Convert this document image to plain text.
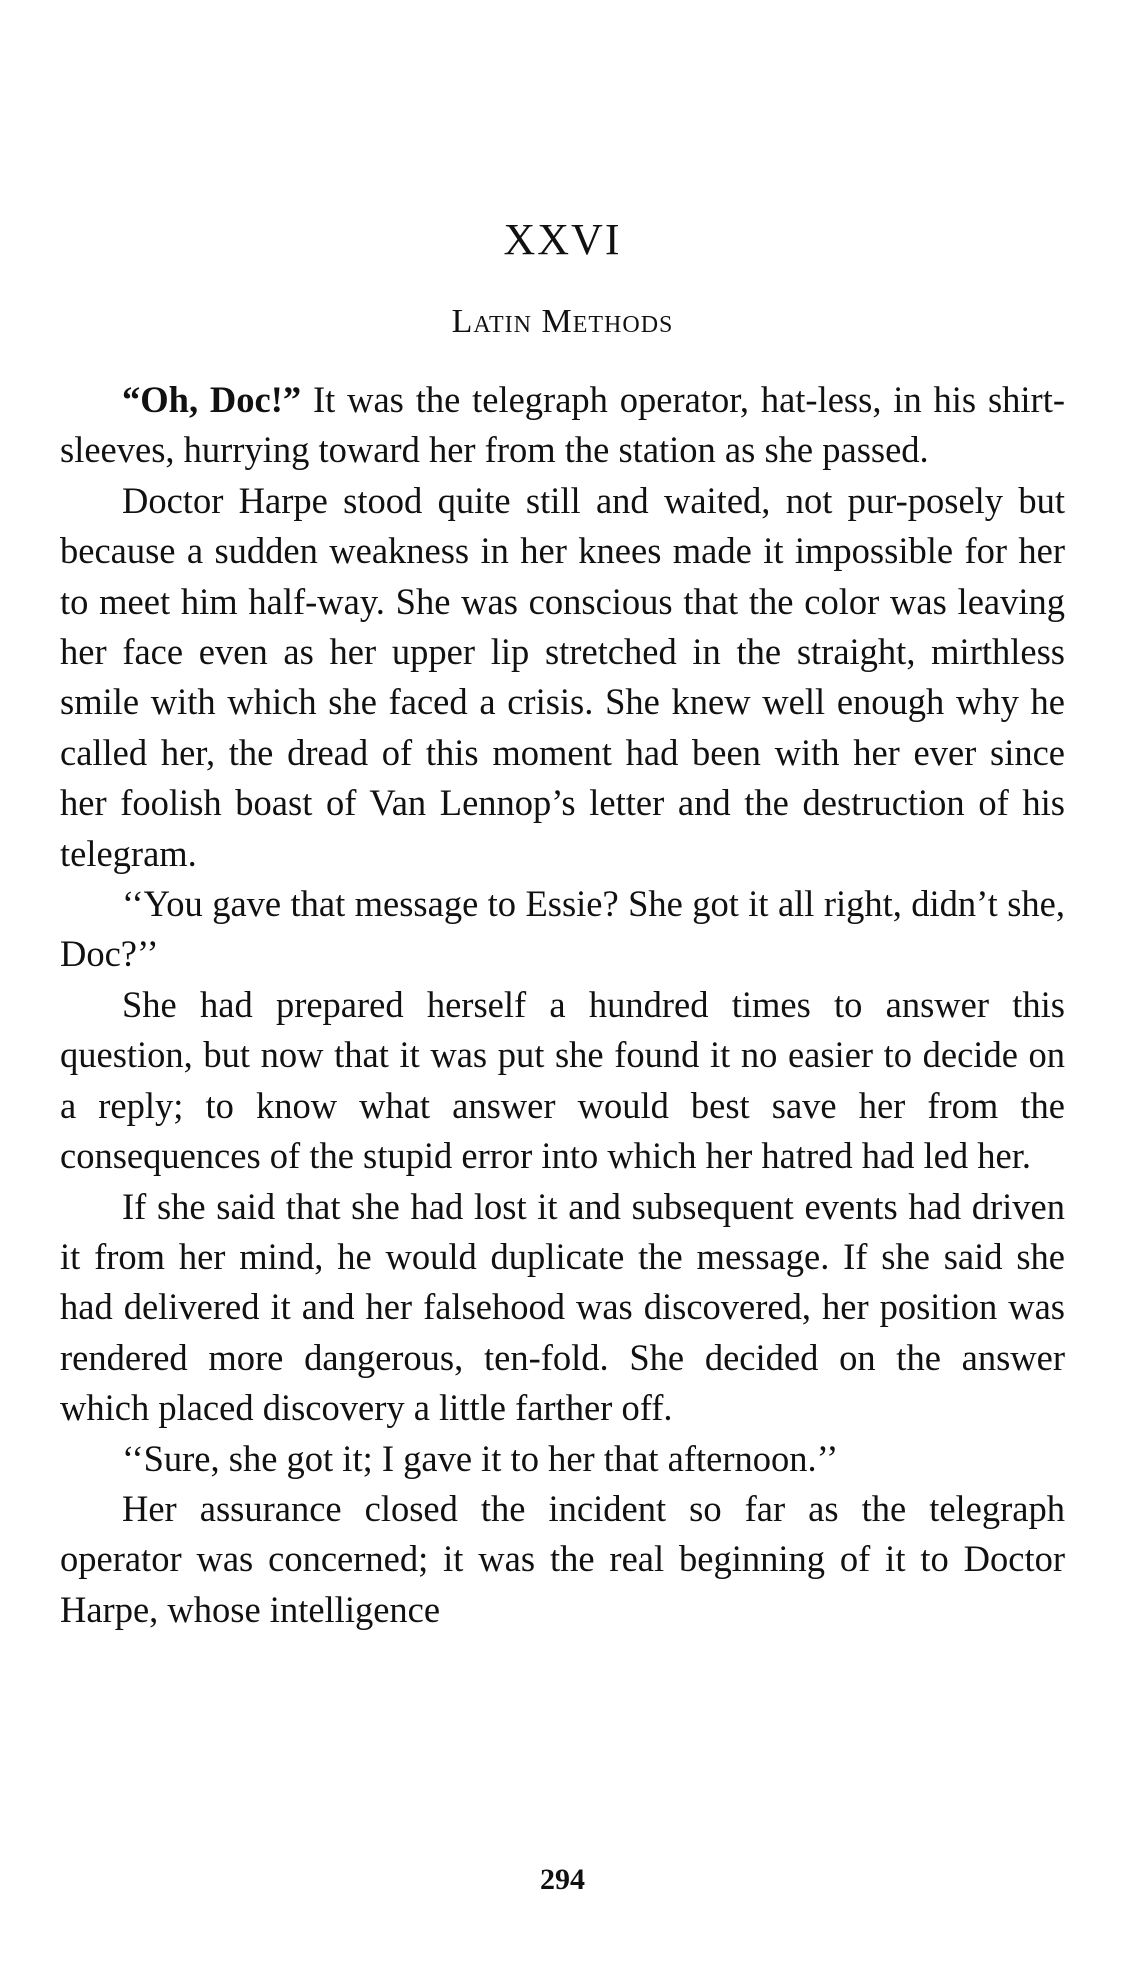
XXVI
Latin Methods

“Oh, Doc!” It was the telegraph operator, hat-less, in his shirt-sleeves, hurrying toward her from the station as she passed.

Doctor Harpe stood quite still and waited, not pur-posely but because a sudden weakness in her knees made it impossible for her to meet him half-way. She was conscious that the color was leaving her face even as her upper lip stretched in the straight, mirthless smile with which she faced a crisis. She knew well enough why he called her, the dread of this moment had been with her ever since her foolish boast of Van Lennop’s letter and the destruction of his telegram.

‘‘You gave that message to Essie? She got it all right, didn’t she, Doc?’’

She had prepared herself a hundred times to answer this question, but now that it was put she found it no easier to decide on a reply; to know what answer would best save her from the consequences of the stupid error into which her hatred had led her.

If she said that she had lost it and subsequent events had driven it from her mind, he would duplicate the message. If she said she had delivered it and her falsehood was discovered, her position was rendered more dangerous, ten-fold. She decided on the answer which placed discovery a little farther off.

‘‘Sure, she got it; I gave it to her that afternoon.’’

Her assurance closed the incident so far as the telegraph operator was concerned; it was the real beginning of it to Doctor Harpe, whose intelligence

294
